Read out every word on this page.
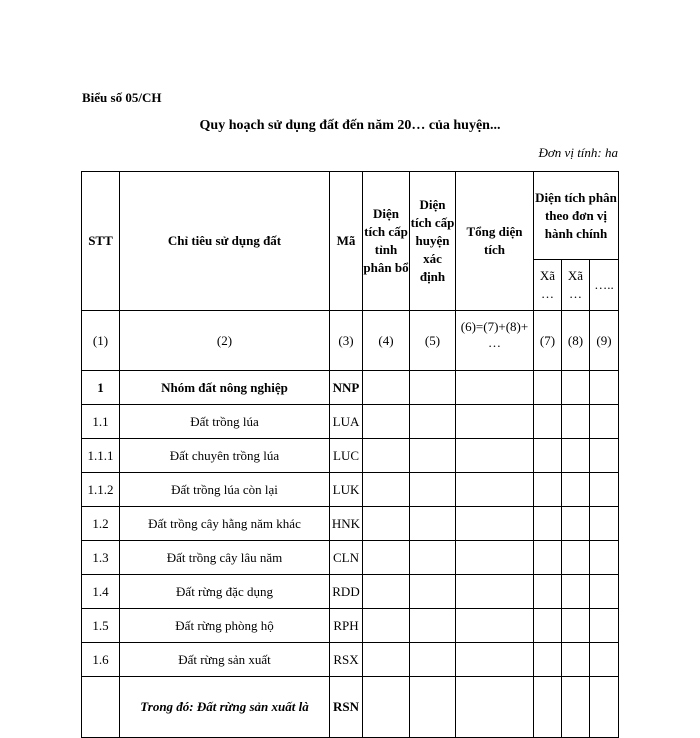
Biểu số 05/CH
Quy hoạch sử dụng đất đến năm 20… của huyện...
Đơn vị tính: ha
STT	Chỉ tiêu sử dụng đất	Mã	Diện tích cấp tỉnh phân bổ	Diện tích cấp huyện xác định	Tổng diện tích	Diện tích phân theo đơn vị hành chính		
						Xã …	Xã …	…..
(1)	(2)	(3)	(4)	(5)	(6)=(7)+(8)+ …	(7)	(8)	(9)
1	Nhóm đất nông nghiệp	NNP						
1.1	Đất trồng lúa	LUA						
1.1.1	Đất chuyên trồng lúa	LUC						
1.1.2	Đất trồng lúa còn lại	LUK						
1.2	Đất trồng cây hằng năm khác	HNK						
1.3	Đất trồng cây lâu năm	CLN						
1.4	Đất rừng đặc dụng	RDD						
1.5	Đất rừng phòng hộ	RPH						
1.6	Đất rừng sản xuất	RSX						
	Trong đó: Đất rừng sản xuất là	RSN						
